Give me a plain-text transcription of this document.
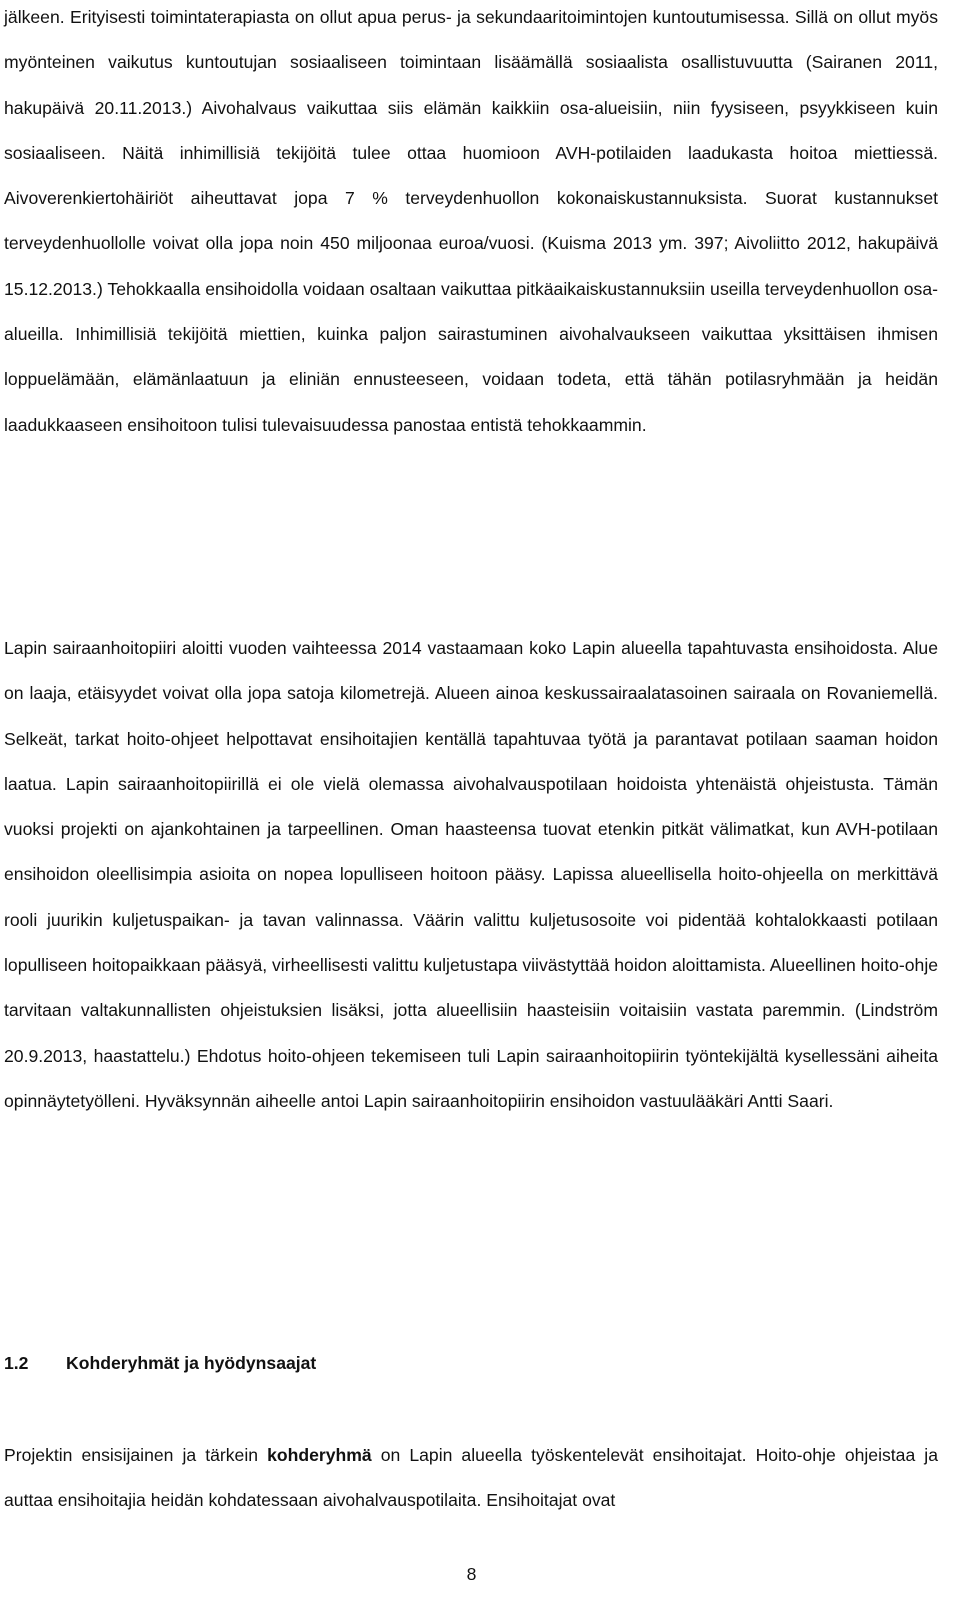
jälkeen. Erityisesti toimintaterapiasta on ollut apua perus- ja sekundaaritoimintojen kuntoutumisessa. Sillä on ollut myös myönteinen vaikutus kuntoutujan sosiaaliseen toimintaan lisäämällä sosiaalista osallistuvuutta (Sairanen 2011, hakupäivä 20.11.2013.) Aivohalvaus vaikuttaa siis elämän kaikkiin osa-alueisiin, niin fyysiseen, psyykkiseen kuin sosiaaliseen. Näitä inhimillisiä tekijöitä tulee ottaa huomioon AVH-potilaiden laadukasta hoitoa miettiessä. Aivoverenkiertohäiriöt aiheuttavat jopa 7 % terveydenhuollon kokonaiskustannuksista. Suorat kustannukset terveydenhuollolle voivat olla jopa noin 450 miljoonaa euroa/vuosi. (Kuisma 2013 ym. 397; Aivoliitto 2012, hakupäivä 15.12.2013.) Tehokkaalla ensihoidolla voidaan osaltaan vaikuttaa pitkäaikaiskustannuksiin useilla terveydenhuollon osa-alueilla. Inhimillisiä tekijöitä miettien, kuinka paljon sairastuminen aivohalvaukseen vaikuttaa yksittäisen ihmisen loppuelämään, elämänlaatuun ja eliniän ennusteeseen, voidaan todeta, että tähän potilasryhmään ja heidän laadukkaaseen ensihoitoon tulisi tulevaisuudessa panostaa entistä tehokkaammin.

Lapin sairaanhoitopiiri aloitti vuoden vaihteessa 2014 vastaamaan koko Lapin alueella tapahtuvasta ensihoidosta. Alue on laaja, etäisyydet voivat olla jopa satoja kilometrejä. Alueen ainoa keskussairaalatasoinen sairaala on Rovaniemellä. Selkeät, tarkat hoito-ohjeet helpottavat ensihoitajien kentällä tapahtuvaa työtä ja parantavat potilaan saaman hoidon laatua. Lapin sairaanhoitopiirillä ei ole vielä olemassa aivohalvauspotilaan hoidoista yhtenäistä ohjeistusta. Tämän vuoksi projekti on ajankohtainen ja tarpeellinen. Oman haasteensa tuovat etenkin pitkät välimatkat, kun AVH-potilaan ensihoidon oleellisimpia asioita on nopea lopulliseen hoitoon pääsy. Lapissa alueellisella hoito-ohjeella on merkittävä rooli juurikin kuljetuspaikan- ja tavan valinnassa. Väärin valittu kuljetusosoite voi pidentää kohtalokkaasti potilaan lopulliseen hoitopaikkaan pääsyä, virheellisesti valittu kuljetustapa viivästyttää hoidon aloittamista. Alueellinen hoito-ohje tarvitaan valtakunnallisten ohjeistuksien lisäksi, jotta alueellisiin haasteisiin voitaisiin vastata paremmin. (Lindström 20.9.2013, haastattelu.) Ehdotus hoito-ohjeen tekemiseen tuli Lapin sairaanhoitopiirin työntekijältä kysellessäni aiheita opinnäytetyölleni. Hyväksynnän aiheelle antoi Lapin sairaanhoitopiirin ensihoidon vastuulääkäri Antti Saari.

1.2 Kohderyhmät ja hyödynsaajat

Projektin ensisijainen ja tärkein kohderyhmä on Lapin alueella työskentelevät ensihoitajat. Hoito-ohje ohjeistaa ja auttaa ensihoitajia heidän kohdatessaan aivohalvauspotilaita. Ensihoitajat ovat

8
